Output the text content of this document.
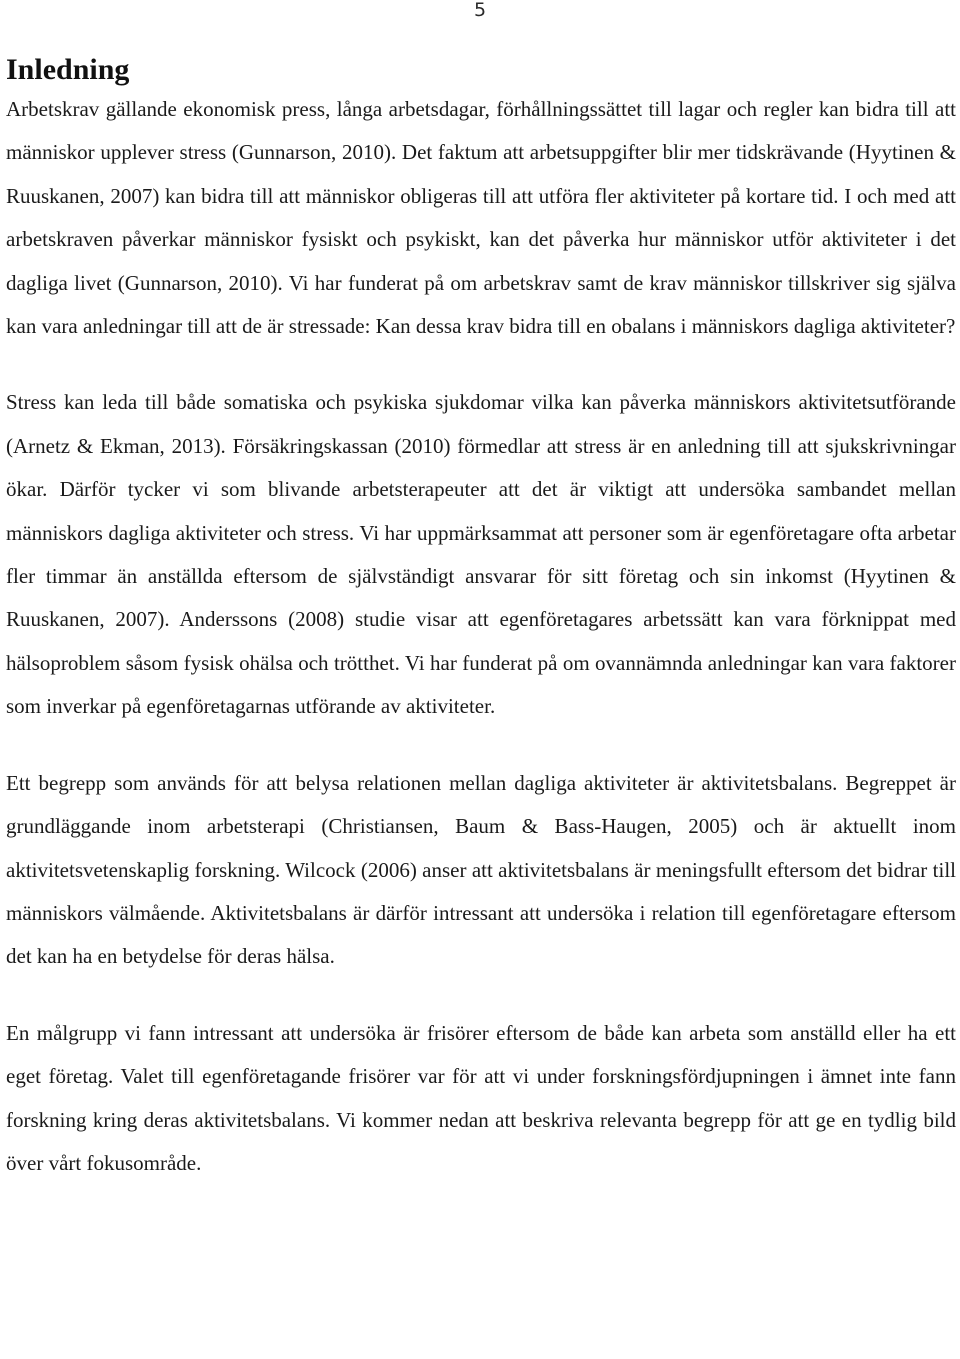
5
Inledning

Arbetskrav gällande ekonomisk press, långa arbetsdagar, förhållningssättet till lagar och regler kan bidra till att människor upplever stress (Gunnarson, 2010). Det faktum att arbetsuppgifter blir mer tidskrävande (Hyytinen & Ruuskanen, 2007) kan bidra till att människor obligeras till att utföra fler aktiviteter på kortare tid. I och med att arbetskraven påverkar människor fysiskt och psykiskt, kan det påverka hur människor utför aktiviteter i det dagliga livet (Gunnarson, 2010). Vi har funderat på om arbetskrav samt de krav människor tillskriver sig själva kan vara anledningar till att de är stressade: Kan dessa krav bidra till en obalans i människors dagliga aktiviteter?

Stress kan leda till både somatiska och psykiska sjukdomar vilka kan påverka människors aktivitetsutförande (Arnetz & Ekman, 2013). Försäkringskassan (2010) förmedlar att stress är en anledning till att sjukskrivningar ökar. Därför tycker vi som blivande arbetsterapeuter att det är viktigt att undersöka sambandet mellan människors dagliga aktiviteter och stress. Vi har uppmärksammat att personer som är egenföretagare ofta arbetar fler timmar än anställda eftersom de självständigt ansvarar för sitt företag och sin inkomst (Hyytinen & Ruuskanen, 2007). Anderssons (2008) studie visar att egenföretagares arbetssätt kan vara förknippat med hälsoproblem såsom fysisk ohälsa och trötthet. Vi har funderat på om ovannämnda anledningar kan vara faktorer som inverkar på egenföretagarnas utförande av aktiviteter.

Ett begrepp som används för att belysa relationen mellan dagliga aktiviteter är aktivitetsbalans. Begreppet är grundläggande inom arbetsterapi (Christiansen, Baum & Bass-Haugen, 2005) och är aktuellt inom aktivitetsvetenskaplig forskning. Wilcock (2006) anser att aktivitetsbalans är meningsfullt eftersom det bidrar till människors välmående. Aktivitetsbalans är därför intressant att undersöka i relation till egenföretagare eftersom det kan ha en betydelse för deras hälsa.

En målgrupp vi fann intressant att undersöka är frisörer eftersom de både kan arbeta som anställd eller ha ett eget företag. Valet till egenföretagande frisörer var för att vi under forskningsfördjupningen i ämnet inte fann forskning kring deras aktivitetsbalans. Vi kommer nedan att beskriva relevanta begrepp för att ge en tydlig bild över vårt fokusområde.
